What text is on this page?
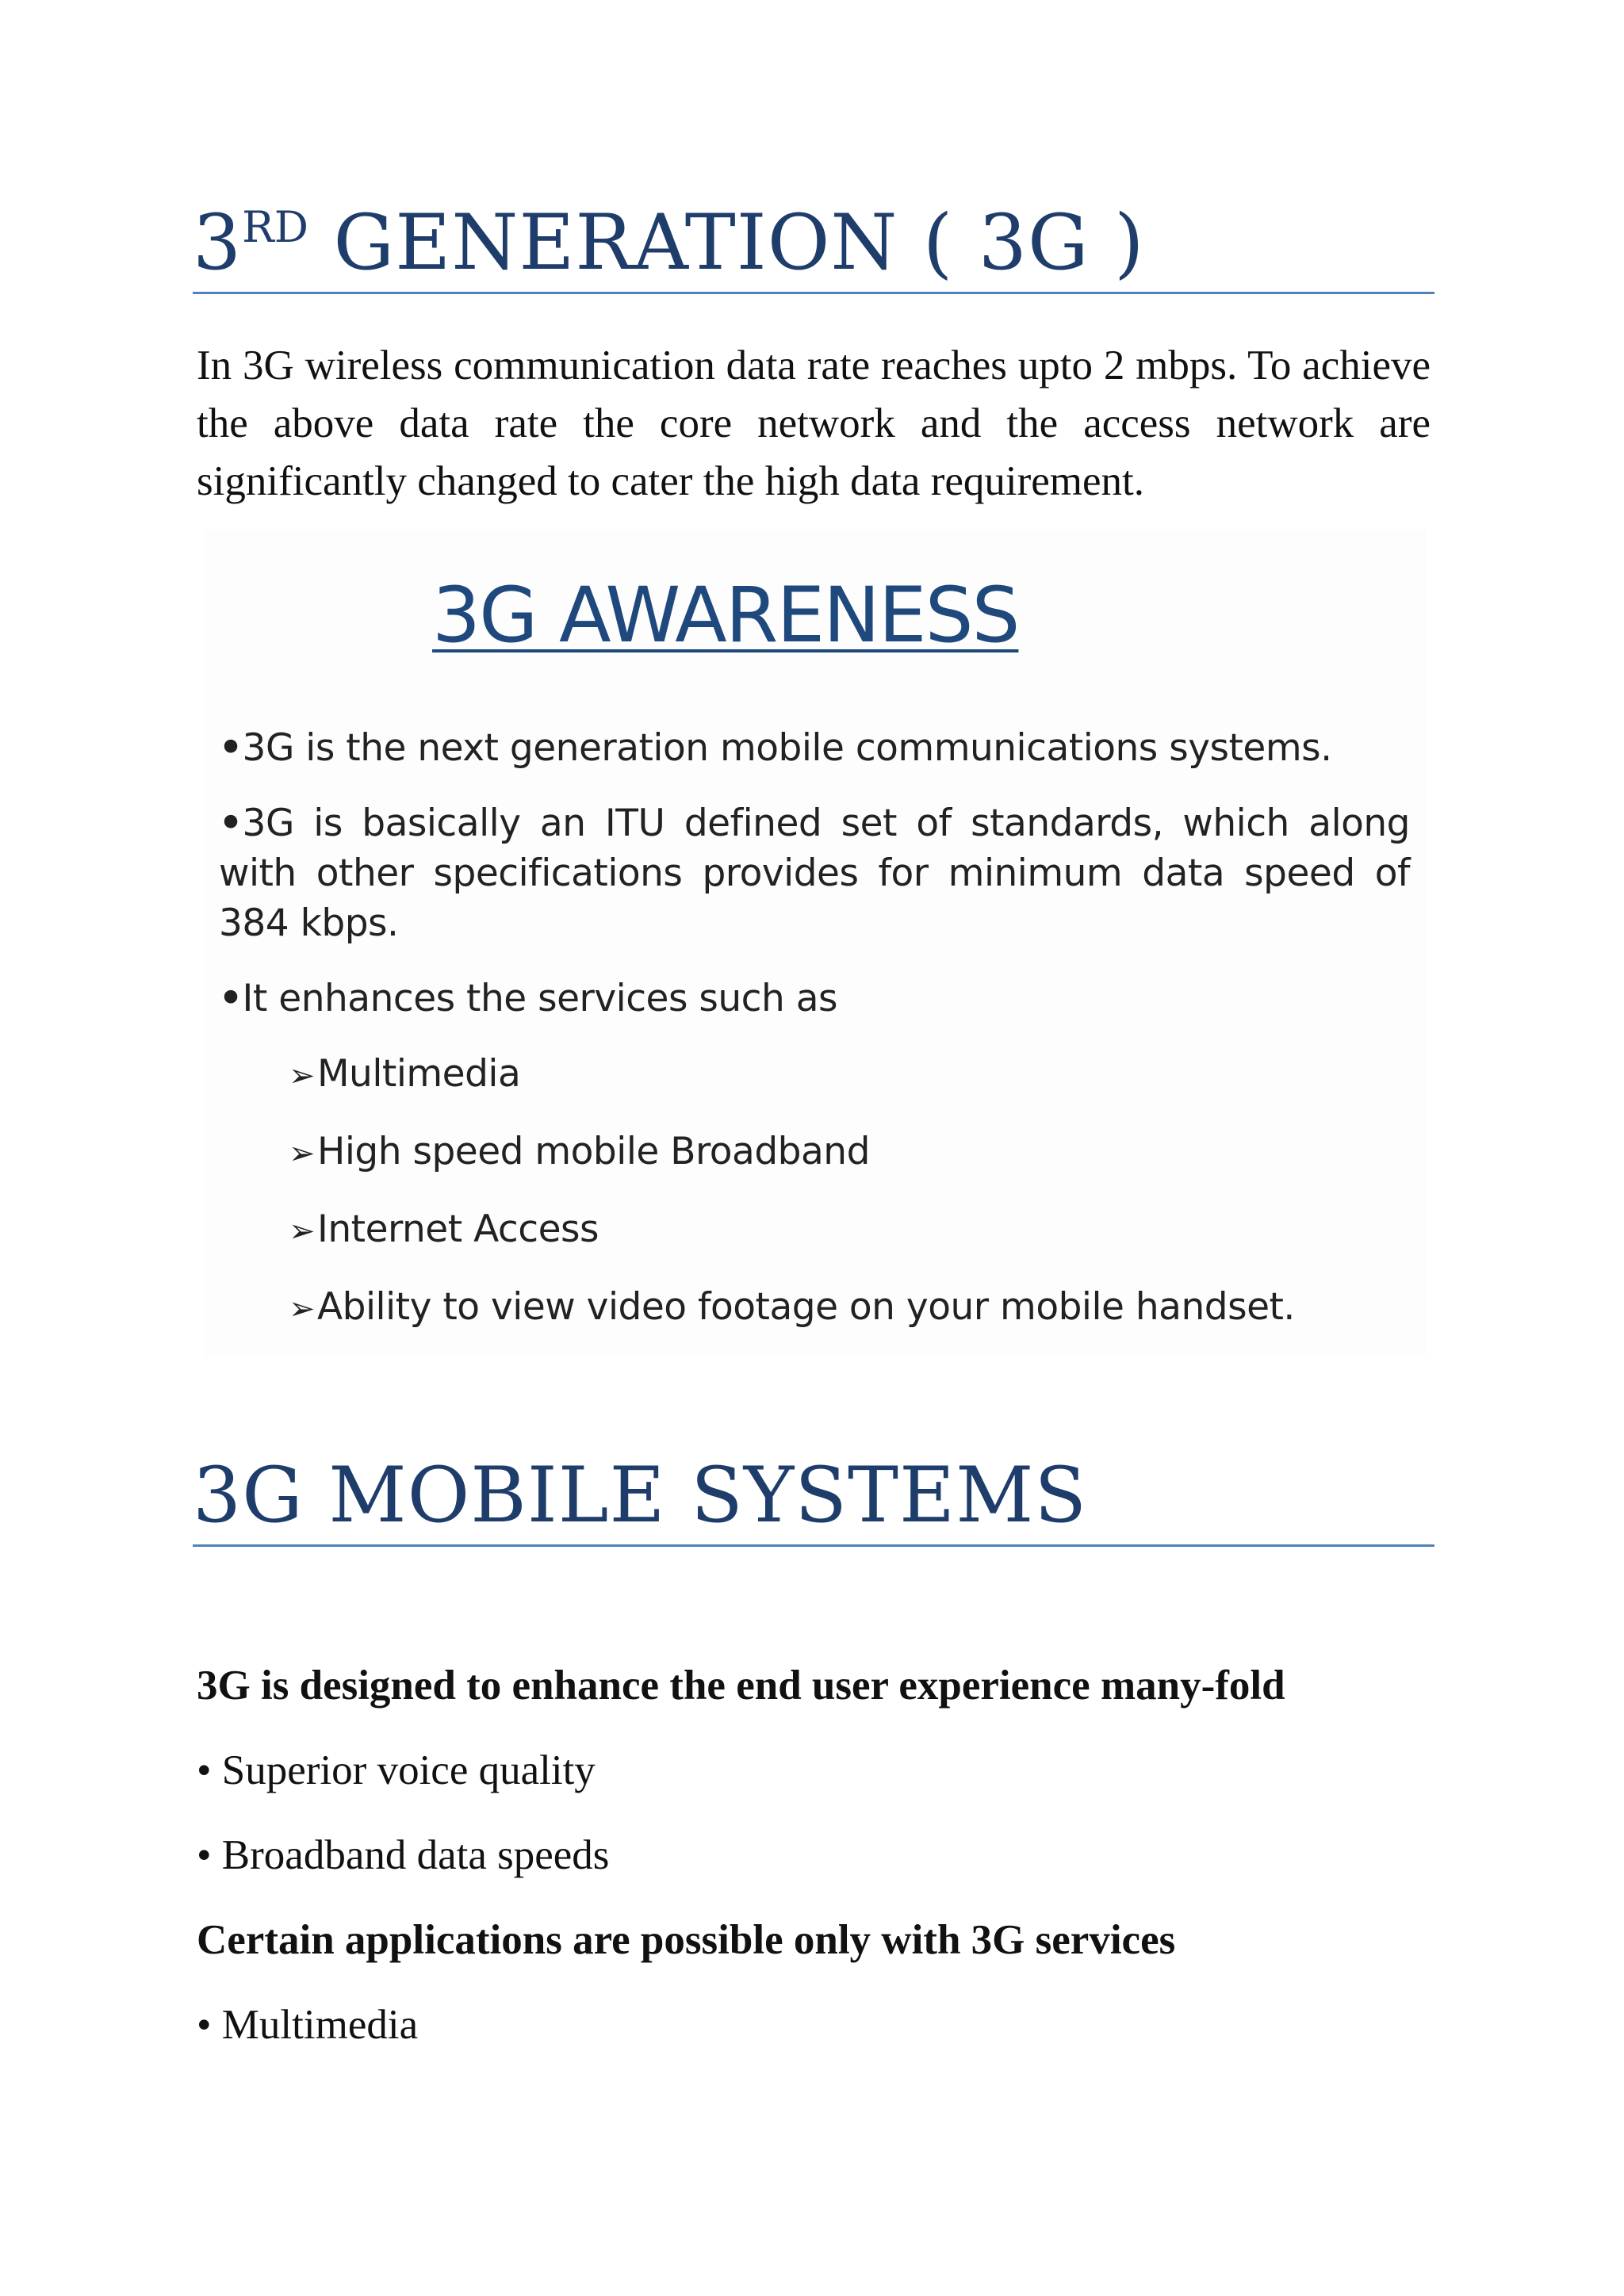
3RD GENERATION ( 3G )

In 3G wireless communication data rate reaches upto 2 mbps. To achieve the above data rate the core network and the access network are significantly changed to cater the high data requirement.

3G AWARENESS
•3G is the next generation mobile communications systems.
•3G is basically an ITU defined set of standards, which along with other specifications provides for minimum data speed of 384 kbps.
•It enhances the services such as
➢Multimedia
➢High speed mobile Broadband
➢Internet Access
➢Ability to view video footage on your mobile handset.
3G MOBILE SYSTEMS

3G is designed to enhance the end user experience many-fold

• Superior voice quality

• Broadband data speeds

Certain applications are possible only with 3G services

• Multimedia
